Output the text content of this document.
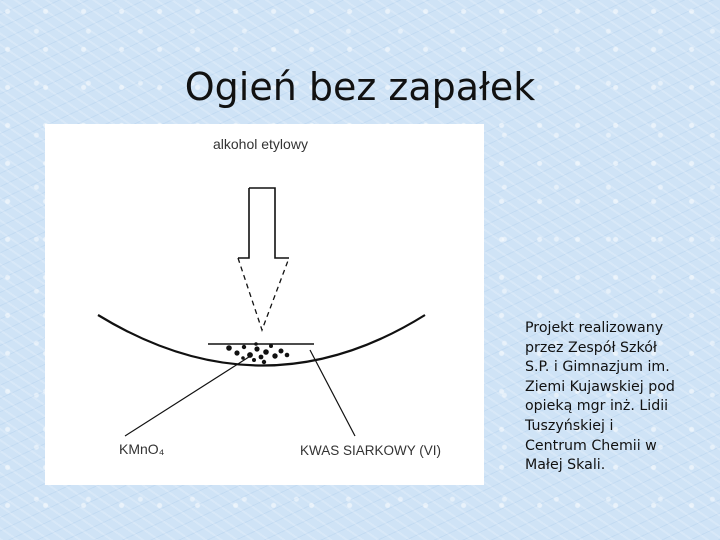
Ogień bez zapałek
alkohol etylowy
KMnO₄	KWAS SIARKOWY (VI)
Projekt realizowany
przez Zespół Szkół
S.P. i Gimnazjum im.
Ziemi Kujawskiej pod
opieką mgr inż. Lidii
Tuszyńskiej i
Centrum Chemii w
Małej Skali.
